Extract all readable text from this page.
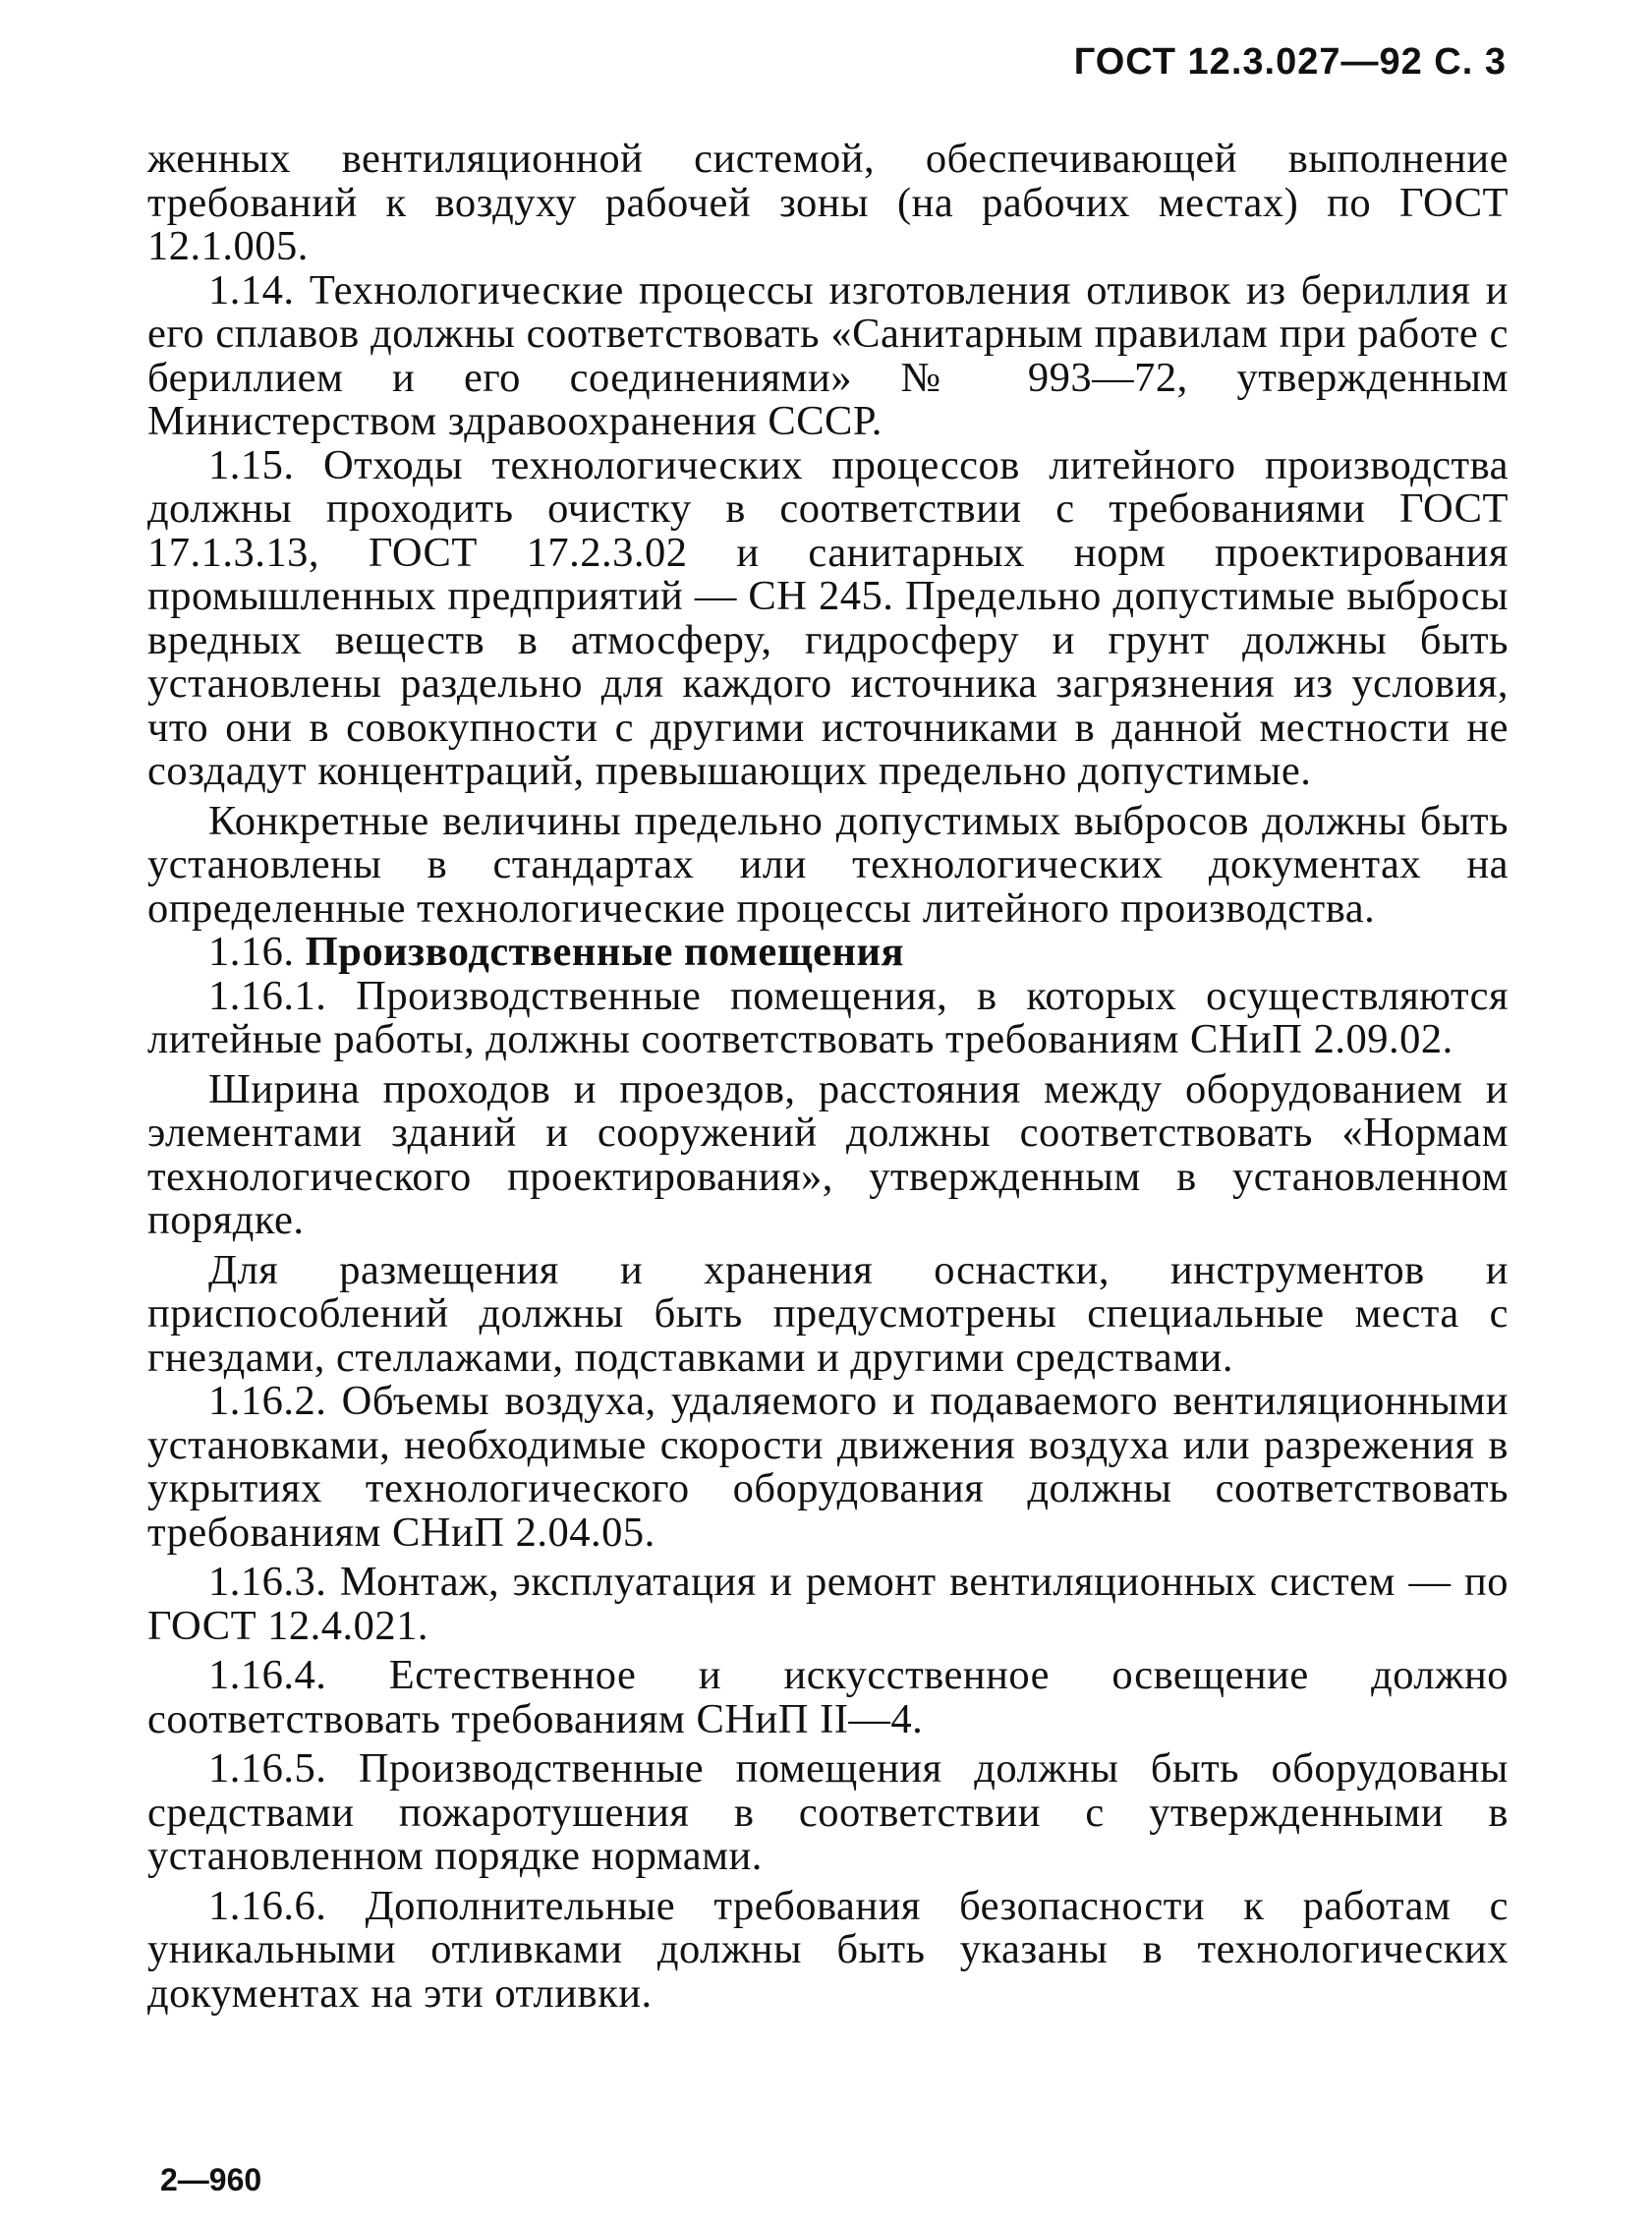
ГОСТ 12.3.027—92 С. 3

женных вентиляционной системой, обеспечивающей выполнение требований к воздуху рабочей зоны (на рабочих местах) по ГОСТ 12.1.005.

1.14. Технологические процессы изготовления отливок из бериллия и его сплавов должны соответствовать «Санитарным правилам при работе с бериллием и его соединениями» № 993—72, утвержденным Министерством здравоохранения СССР.

1.15. Отходы технологических процессов литейного производства должны проходить очистку в соответствии с требованиями ГОСТ 17.1.3.13, ГОСТ 17.2.3.02 и санитарных норм проектирования промышленных предприятий — СН 245. Предельно допустимые выбросы вредных веществ в атмосферу, гидросферу и грунт должны быть установлены раздельно для каждого источника загрязнения из условия, что они в совокупности с другими источниками в данной местности не создадут концентраций, превышающих предельно допустимые.

Конкретные величины предельно допустимых выбросов должны быть установлены в стандартах или технологических документах на определенные технологические процессы литейного производства.

1.16. Производственные помещения

1.16.1. Производственные помещения, в которых осуществляются литейные работы, должны соответствовать требованиям СНиП 2.09.02.

Ширина проходов и проездов, расстояния между оборудованием и элементами зданий и сооружений должны соответствовать «Нормам технологического проектирования», утвержденным в установленном порядке.

Для размещения и хранения оснастки, инструментов и приспособлений должны быть предусмотрены специальные места с гнездами, стеллажами, подставками и другими средствами.

1.16.2. Объемы воздуха, удаляемого и подаваемого вентиляционными установками, необходимые скорости движения воздуха или разрежения в укрытиях технологического оборудования должны соответствовать требованиям СНиП 2.04.05.

1.16.3. Монтаж, эксплуатация и ремонт вентиляционных систем — по ГОСТ 12.4.021.

1.16.4. Естественное и искусственное освещение должно соответствовать требованиям СНиП II—4.

1.16.5. Производственные помещения должны быть оборудованы средствами пожаротушения в соответствии с утвержденными в установленном порядке нормами.

1.16.6. Дополнительные требования безопасности к работам с уникальными отливками должны быть указаны в технологических документах на эти отливки.

2—960
